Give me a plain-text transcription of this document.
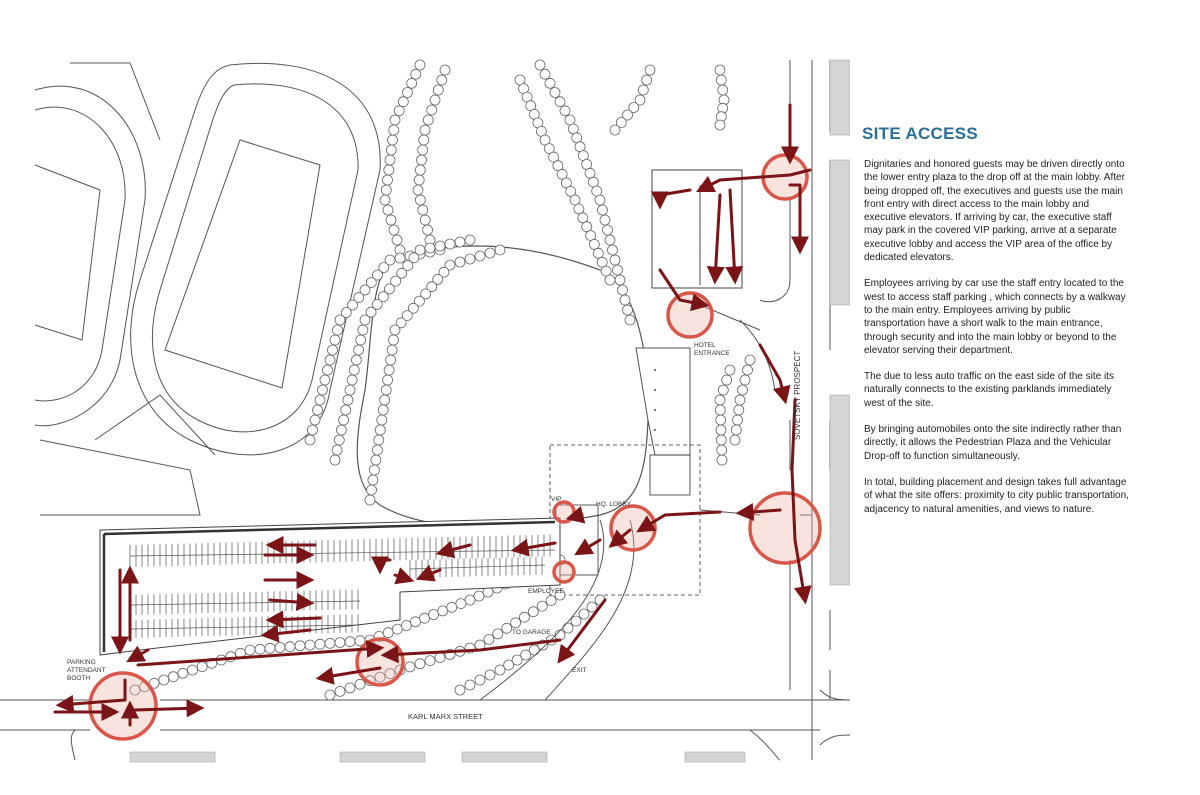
HOTEL
ENTRANCE	SOVETSKY PROSPECT
KARL MARX STREET
VIP
HQ. LOBBY
EMPLOYEE
TO GARAGE
EXIT
PARKING
ATTENDANT
BOOTH
SITE ACCESS

Dignitaries and honored guests may be driven directly onto the lower entry plaza to the drop off at the main lobby. After being dropped off, the executives and guests use the main front entry with direct access to the main lobby and executive elevators. If arriving by car, the executive staff may park in the covered VIP parking, arrive at a separate executive lobby and access the VIP area of the office by dedicated elevators.

Employees arriving by car use the staff entry located to the west to access staff parking , which connects by a walkway to the main entry. Employees arriving by public transportation have a short walk to the main entrance, through security and into the main lobby or beyond to the elevator serving their department.

The due to less auto traffic on the east side of the site its naturally connects to the existing parklands immediately west of the site.

By bringing automobiles onto the site indirectly rather than directly, it allows the Pedestrian Plaza and the Vehicular Drop-off to function simultaneously.

In total, building placement and design takes full advantage of what the site offers: proximity to city public transportation, adjacency to natural amenities, and views to nature.
